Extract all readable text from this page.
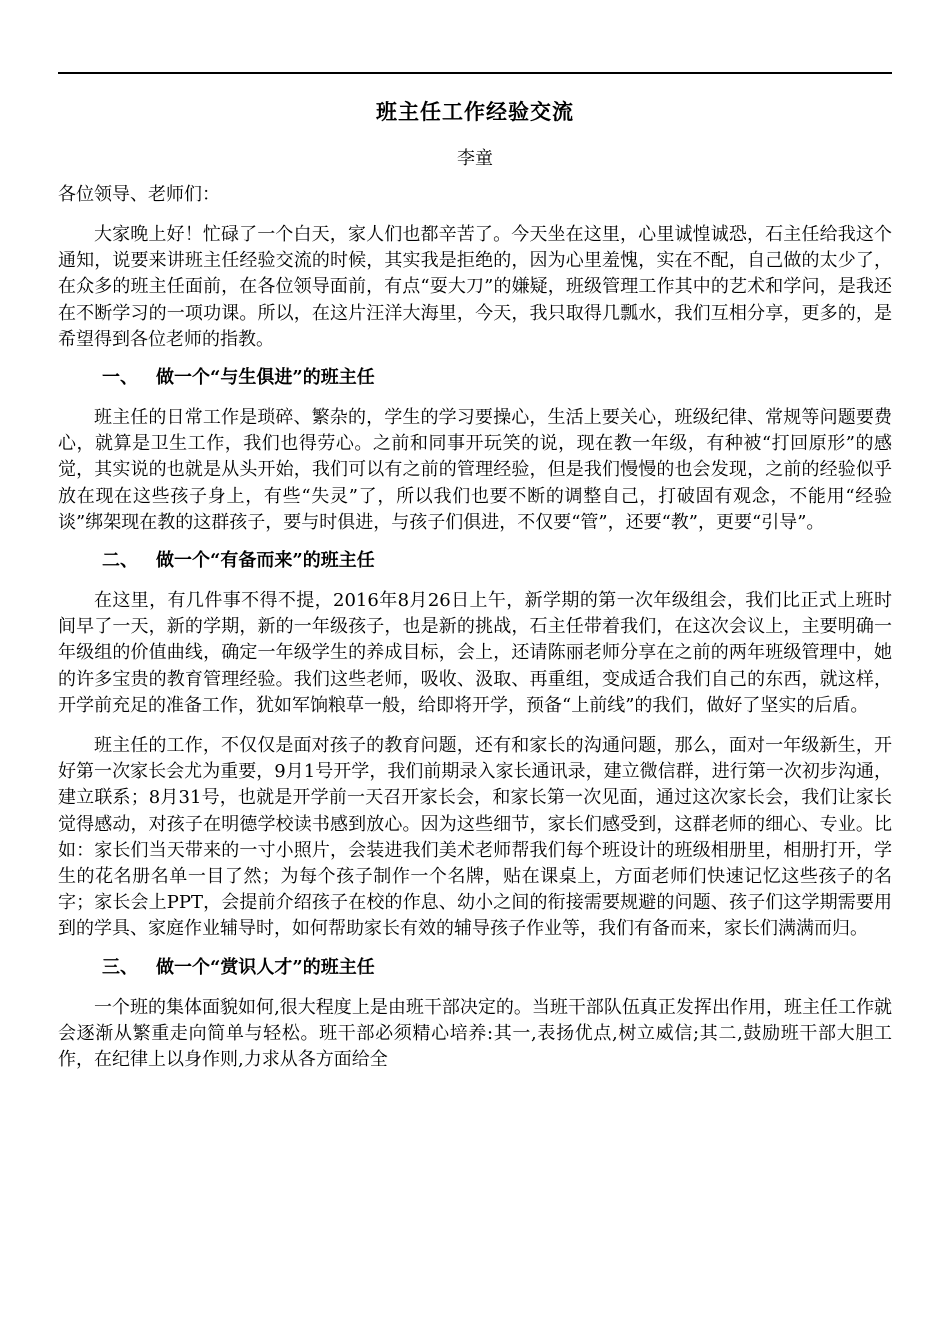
班主任工作经验交流
李童
各位领导、老师们：

大家晚上好！忙碌了一个白天，家人们也都辛苦了。今天坐在这里，心里诚惶诚恐，石主任给我这个通知，说要来讲班主任经验交流的时候，其实我是拒绝的，因为心里羞愧，实在不配，自己做的太少了，在众多的班主任面前，在各位领导面前，有点“耍大刀”的嫌疑，班级管理工作其中的艺术和学问，是我还在不断学习的一项功课。所以，在这片汪洋大海里，今天，我只取得几瓢水，我们互相分享，更多的，是希望得到各位老师的指教。

一、 做一个“与生俱进”的班主任

班主任的日常工作是琐碎、繁杂的，学生的学习要操心，生活上要关心，班级纪律、常规等问题要费心，就算是卫生工作，我们也得劳心。之前和同事开玩笑的说，现在教一年级，有种被“打回原形”的感觉，其实说的也就是从头开始，我们可以有之前的管理经验，但是我们慢慢的也会发现，之前的经验似乎放在现在这些孩子身上，有些“失灵”了，所以我们也要不断的调整自己，打破固有观念，不能用“经验谈”绑架现在教的这群孩子，要与时俱进，与孩子们俱进，不仅要“管”，还要“教”，更要“引导”。

二、 做一个“有备而来”的班主任

在这里，有几件事不得不提，2016年8月26日上午，新学期的第一次年级组会，我们比正式上班时间早了一天，新的学期，新的一年级孩子，也是新的挑战，石主任带着我们，在这次会议上，主要明确一年级组的价值曲线，确定一年级学生的养成目标，会上，还请陈丽老师分享在之前的两年班级管理中，她的许多宝贵的教育管理经验。我们这些老师，吸收、汲取、再重组，变成适合我们自己的东西，就这样，开学前充足的准备工作，犹如军饷粮草一般，给即将开学，预备“上前线”的我们，做好了坚实的后盾。

班主任的工作，不仅仅是面对孩子的教育问题，还有和家长的沟通问题，那么，面对一年级新生，开好第一次家长会尤为重要，9月1号开学，我们前期录入家长通讯录，建立微信群，进行第一次初步沟通，建立联系；8月31号，也就是开学前一天召开家长会，和家长第一次见面，通过这次家长会，我们让家长觉得感动，对孩子在明德学校读书感到放心。因为这些细节，家长们感受到，这群老师的细心、专业。比如：家长们当天带来的一寸小照片，会装进我们美术老师帮我们每个班设计的班级相册里，相册打开，学生的花名册名单一目了然；为每个孩子制作一个名牌，贴在课桌上，方面老师们快速记忆这些孩子的名字；家长会上PPT，会提前介绍孩子在校的作息、幼小之间的衔接需要规避的问题、孩子们这学期需要用到的学具、家庭作业辅导时，如何帮助家长有效的辅导孩子作业等，我们有备而来，家长们满满而归。

三、 做一个“赏识人才”的班主任

一个班的集体面貌如何,很大程度上是由班干部决定的。当班干部队伍真正发挥出作用，班主任工作就会逐渐从繁重走向简单与轻松。班干部必须精心培养:其一,表扬优点,树立威信;其二,鼓励班干部大胆工作，在纪律上以身作则,力求从各方面给全
